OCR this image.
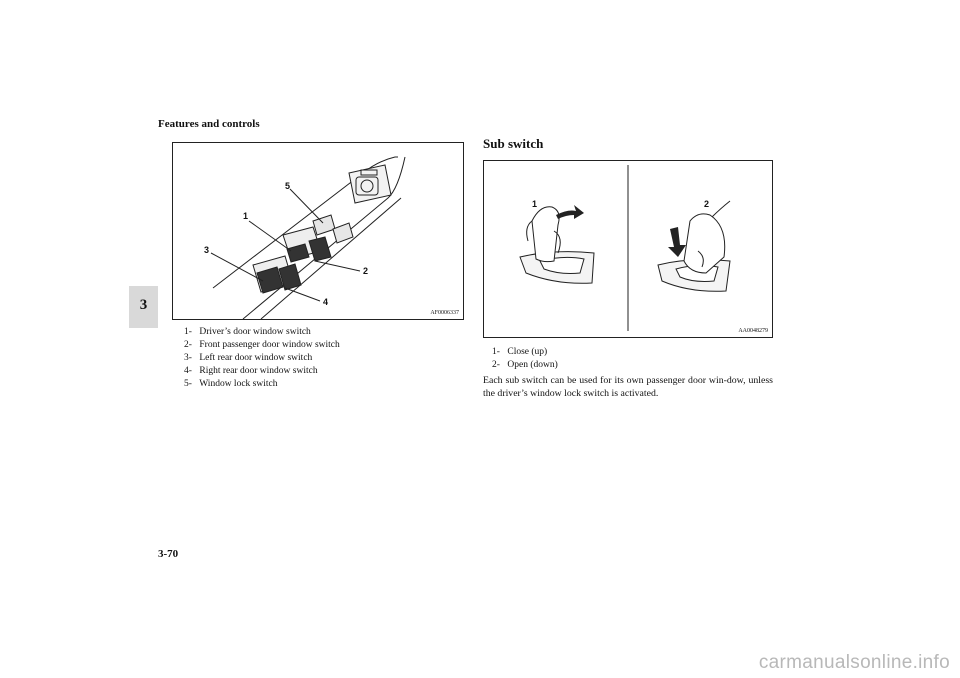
Features and controls
3
5
1
2
3
4
AF0006337
1- Driver’s door window switch
2- Front passenger door window switch
3- Left rear door window switch
4- Right rear door window switch
5- Window lock switch
Sub switch
1	2
AA0048279
1- Close (up)
2- Open (down)
Each sub switch can be used for its own passenger door win-dow, unless the driver’s window lock switch is activated.
3-70
carmanualsonline.info
